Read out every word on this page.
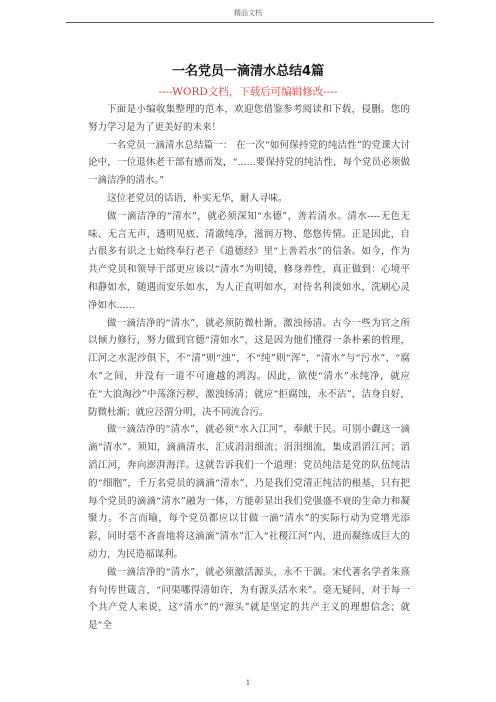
精品文档
一名党员一滴清水总结4篇
----WORD文档，下载后可编辑修改----

下面是小编收集整理的范本，欢迎您借鉴参考阅读和下载，侵删。您的努力学习是为了更美好的未来！

一名党员一滴清水总结篇一： 在一次“如何保持党的纯洁性”的党课大讨论中，一位退休老干部有感而发，“......要保持党的纯洁性，每个党员必须做一滴洁净的清水。”

这位老党员的话语，朴实无华，耐人寻味。

做一滴洁净的“清水”，就必须深知“水德”，善若清水。清水----无色无味、无言无声，透明见底、清澈纯净，滋润万物、悠悠传情。正是因此，自古很多有识之士始终奉行老子《道德经》里“上善若水”的信条。如今，作为共产党员和领导干部更应该以“清水”为明镜，修身养性，真正做到：心境平和静如水，随遇而安乐如水，为人正直明如水，对待名利淡如水，洗刷心灵净如水......

做一滴洁净的“清水”，就必须防微杜渐，激浊扬清。古今一些为官之所以倾力修行，努力做到官德“清如水”，这是因为他们懂得一条朴素的哲理，江河之水泥沙俱下，不“清”则“浊”，不“纯”则“浑”，“清水”与“污水”、“腐水”之间，并没有一道不可逾越的鸿沟。因此，欲使“清水”永纯净，就应在“大浪淘沙”中荡涤污秽，激浊扬清；就应“拒腐蚀，永不沾”，洁身自好，防微杜渐；就应泾渭分明，决不同流合污。

做一滴洁净的“清水”，就必须“水入江河”，奉献于民。可别小觑这一滴滴“清水”。须知，滴滴清水，汇成涓涓细流；涓涓细流，集成滔滔江河；滔滔江河，奔向澎湃海洋。这就告诉我们一个道理：党员纯洁是党的队伍纯洁的“细胞”，千万名党员的滴滴“清水”，乃是我们党清正纯洁的根基，只有把每个党员的滴滴“清水”融为一体，方能彰显出我们党强盛不衰的生命力和凝聚力。不言而喻，每个党员都应以甘做一滴“清水”的实际行动为党增光添彩，同时毫不吝啬地将这滴滴“清水”汇入“社稷江河”内，进而凝练成巨大的动力，为民造福谋利。

做一滴洁净的“清水”，就必须激活源头，永不干涸。宋代著名学者朱熹有句传世箴言，“问渠哪得清如许，为有源头活水来”。毫无疑问，对于每一个共产党人来说，这“清水”的“源头”就是坚定的共产主义的理想信念；就是“全

1
